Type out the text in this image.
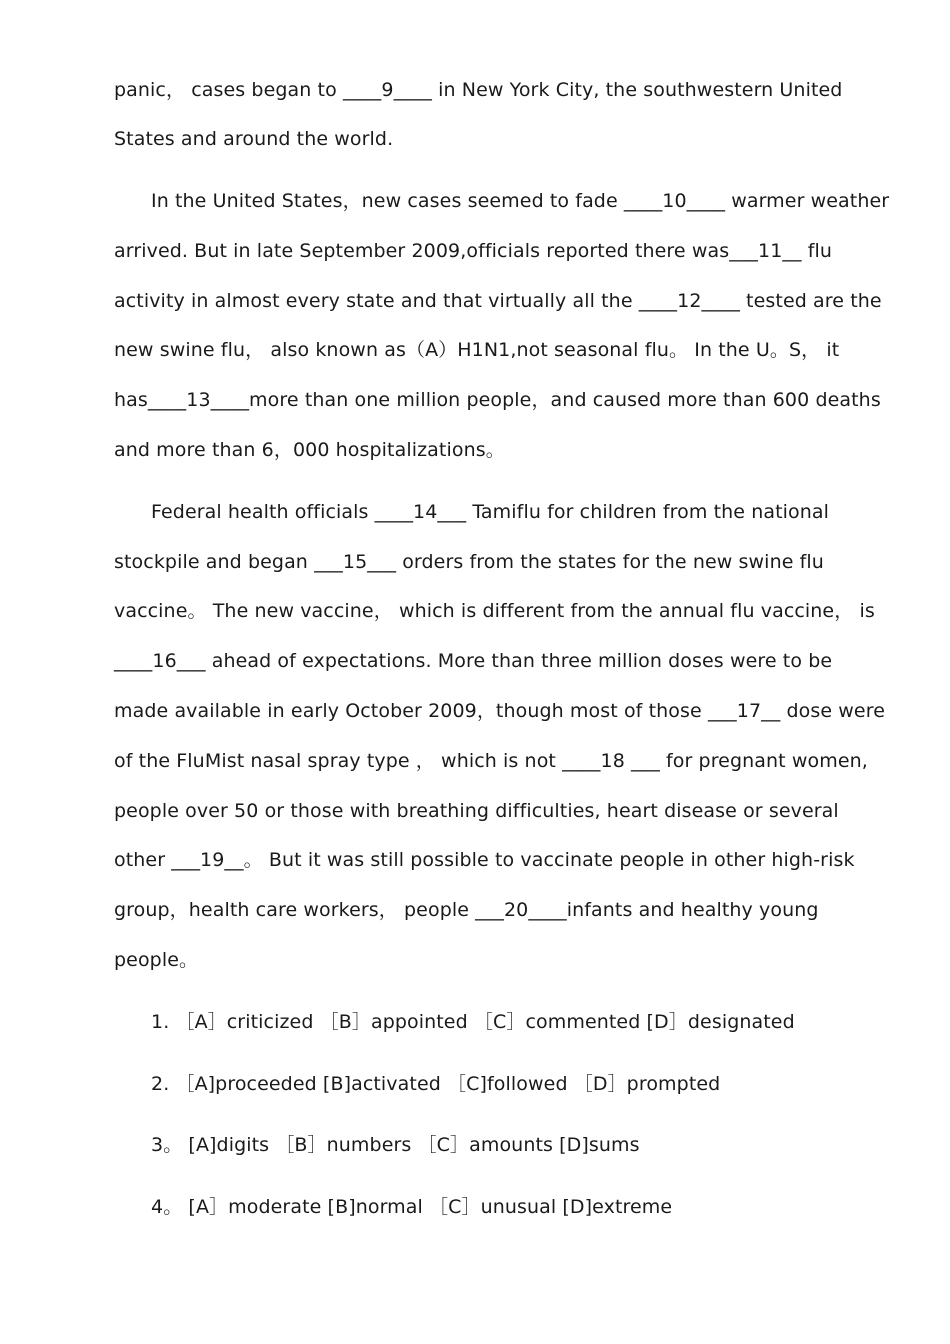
panic， cases began to ____9____ in New York City, the southwestern United
States and around the world.
In the United States，new cases seemed to fade ____10____ warmer weather
arrived. But in late September 2009,officials reported there was___11__ flu
activity in almost every state and that virtually all the ____12____ tested are the
new swine flu， also known as（A）H1N1,not seasonal flu。 In the U。S， it
has____13____more than one million people，and caused more than 600 deaths
and more than 6，000 hospitalizations。
Federal health officials ____14___ Tamiflu for children from the national
stockpile and began ___15___ orders from the states for the new swine flu
vaccine。 The new vaccine， which is different from the annual flu vaccine， is
____16___ ahead of expectations. More than three million doses were to be
made available in early October 2009，though most of those ___17__ dose were
of the FluMist nasal spray type ， which is not ____18 ___ for pregnant women,
people over 50 or those with breathing difficulties, heart disease or several
other ___19__。 But it was still possible to vaccinate people in other high-risk
group，health care workers， people ___20____infants and healthy young
people。
1. ［A］criticized ［B］appointed ［C］commented [D］designated
2. ［A]proceeded [B]activated ［C]followed ［D］prompted
3。 [A]digits ［B］numbers ［C］amounts [D]sums
4。 [A］moderate [B]normal ［C］unusual [D]extreme
